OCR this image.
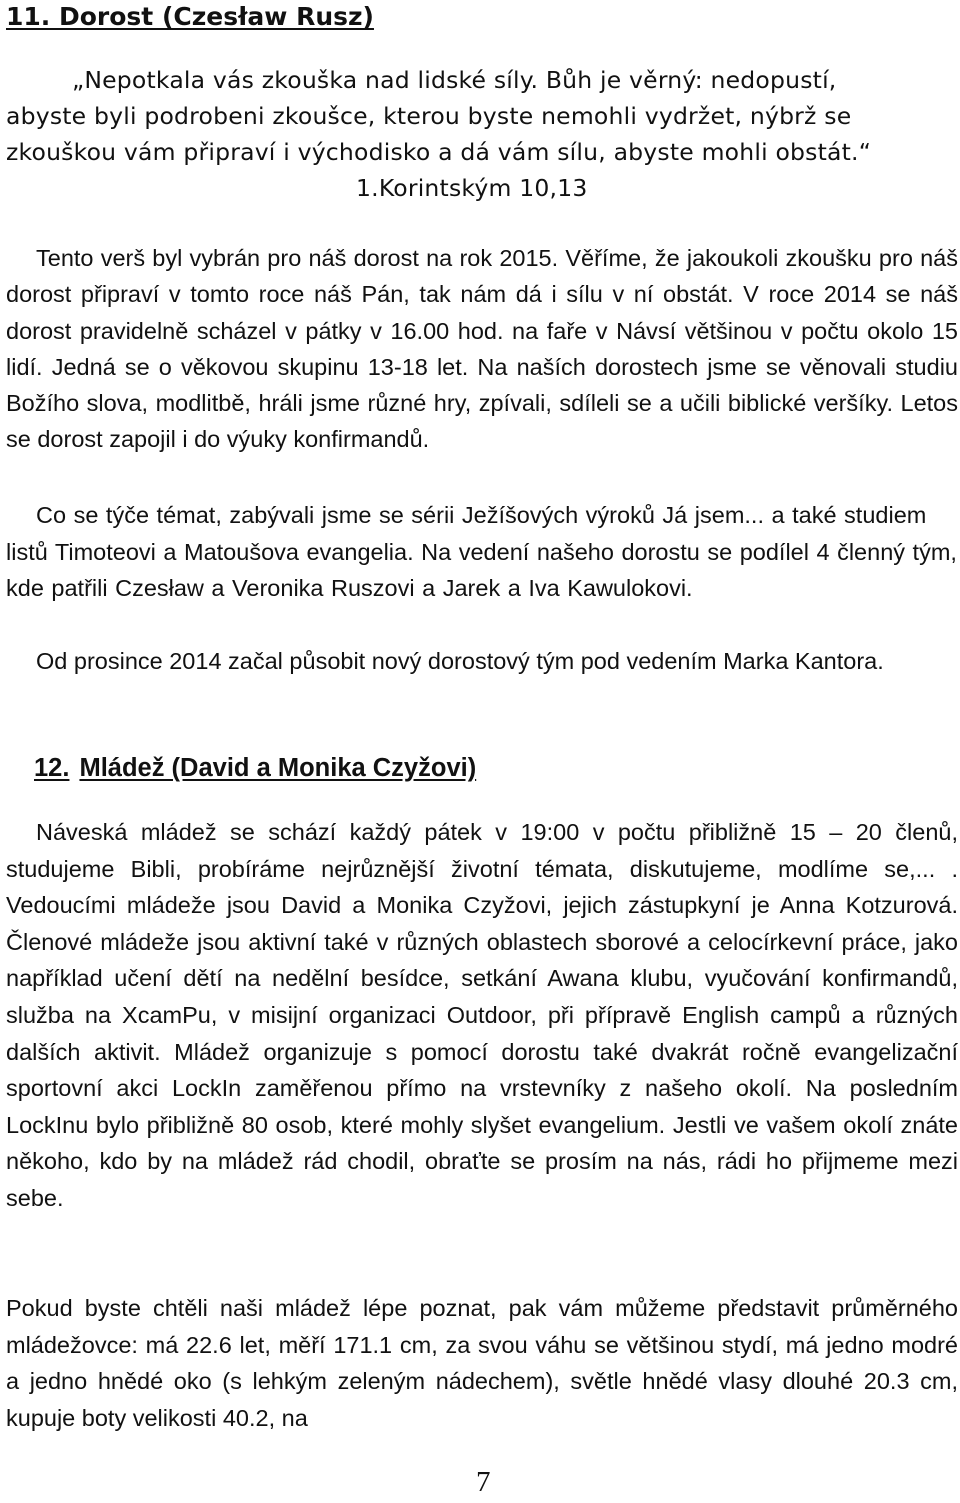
11. Dorost (Czesław Rusz)
„Nepotkala vás zkouška nad lidské síly. Bůh je věrný: nedopustí,
abyste byli podrobeni zkoušce, kterou byste nemohli vydržet, nýbrž se
zkouškou vám připraví i východisko a dá vám sílu, abyste mohli obstát.“
1.Korintským 10,13

Tento verš byl vybrán pro náš dorost na rok 2015. Věříme, že jakoukoli zkoušku pro náš dorost připraví v tomto roce náš Pán, tak nám dá i sílu v ní obstát. V roce 2014 se náš dorost pravidelně scházel v pátky v 16.00 hod. na faře v Návsí většinou v počtu okolo 15 lidí. Jedná se o věkovou skupinu 13-18 let. Na naších dorostech jsme se věnovali studiu Božího slova, modlitbě, hráli jsme různé hry, zpívali, sdíleli se a učili biblické veršíky. Letos se dorost zapojil i do výuky konfirmandů.

Co se týče témat, zabývali jsme se sérii Ježíšových výroků Já jsem... a také studiem listů Timoteovi a Matoušova evangelia. Na vedení našeho dorostu se podílel 4 členný tým, kde patřili Czesław a Veronika Ruszovi a Jarek a Iva Kawulokovi.

Od prosince 2014 začal působit nový dorostový tým pod vedením Marka Kantora.

12. Mládež (David a Monika Czyžovi)

Náveská mládež se schází každý pátek v 19:00 v počtu přibližně 15 – 20 členů, studujeme Bibli, probíráme nejrůznější životní témata, diskutujeme, modlíme se,... . Vedoucími mládeže jsou David a Monika Czyžovi, jejich zástupkyní je Anna Kotzurová. Členové mládeže jsou aktivní také v různých oblastech sborové a celocírkevní práce, jako například učení dětí na nedělní besídce, setkání Awana klubu, vyučování konfirmandů, služba na XcamPu, v misijní organizaci Outdoor, při přípravě English campů a různých dalších aktivit. Mládež organizuje s pomocí dorostu také dvakrát ročně evangelizační sportovní akci LockIn zaměřenou přímo na vrstevníky z našeho okolí. Na posledním LockInu bylo přibližně 80 osob, které mohly slyšet evangelium. Jestli ve vašem okolí znáte někoho, kdo by na mládež rád chodil, obraťte se prosím na nás, rádi ho přijmeme mezi sebe.

Pokud byste chtěli naši mládež lépe poznat, pak vám můžeme představit průměrného mládežovce: má 22.6 let, měří 171.1 cm, za svou váhu se většinou stydí, má jedno modré a jedno hnědé oko (s lehkým zeleným nádechem), světle hnědé vlasy dlouhé 20.3 cm, kupuje boty velikosti 40.2, na

7
